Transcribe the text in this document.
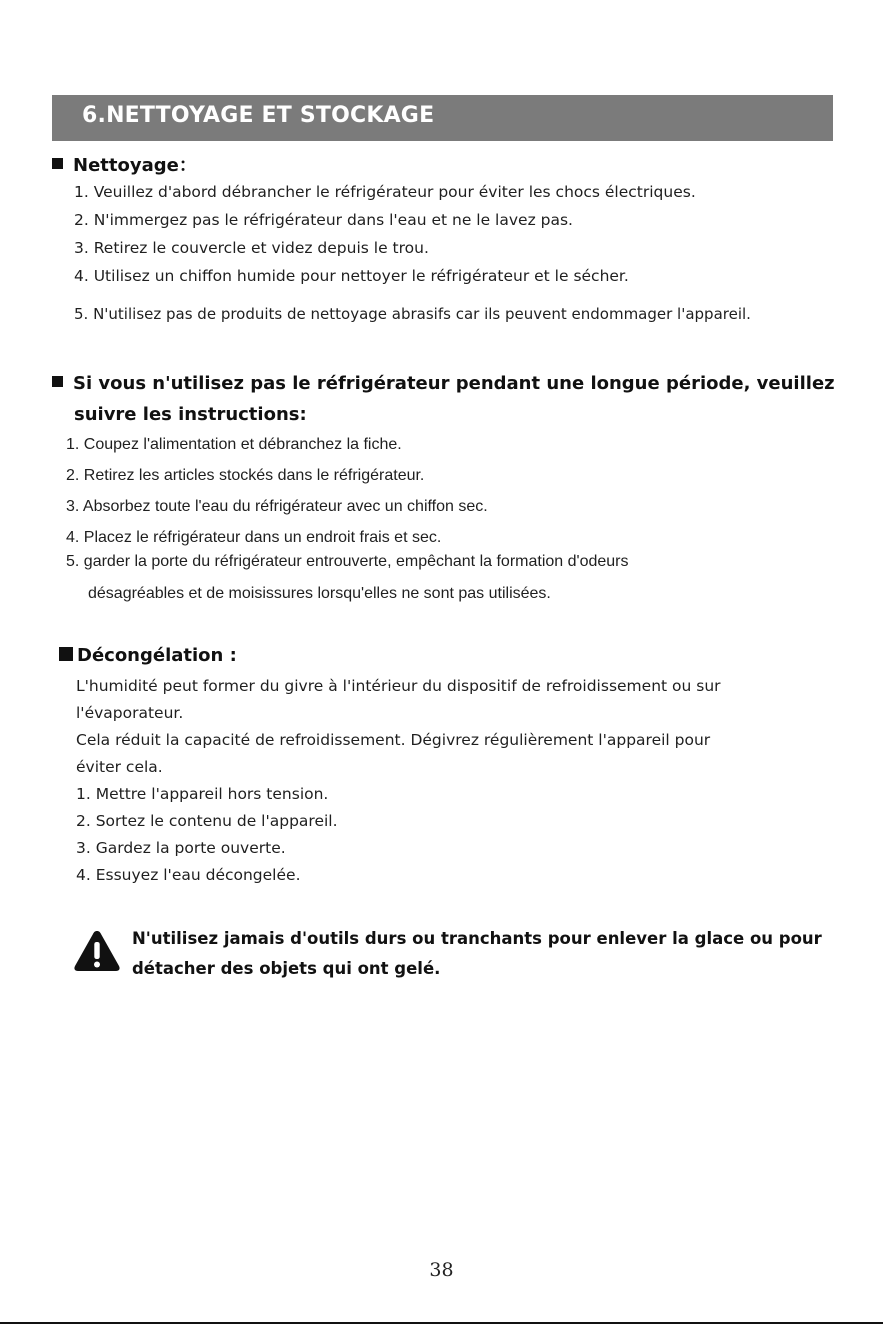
6.NETTOYAGE ET STOCKAGE
Nettoyage：
1. Veuillez d'abord débrancher le réfrigérateur pour éviter les chocs électriques.
2. N'immergez pas le réfrigérateur dans l'eau et ne le lavez pas.
3. Retirez le couvercle et videz depuis le trou.
4. Utilisez un chiffon humide pour nettoyer le réfrigérateur et le sécher.
5. N'utilisez pas de produits de nettoyage abrasifs car ils peuvent endommager l'appareil.
Si vous n'utilisez pas le réfrigérateur pendant une longue période, veuillez
suivre les instructions:
1. Coupez l'alimentation et débranchez la fiche.
2. Retirez les articles stockés dans le réfrigérateur.
3. Absorbez toute l'eau du réfrigérateur avec un chiffon sec.
4. Placez le réfrigérateur dans un endroit frais et sec.
5. garder la porte du réfrigérateur entrouverte, empêchant la formation d'odeurs
désagréables et de moisissures lorsqu'elles ne sont pas utilisées.
Décongélation :
L'humidité peut former du givre à l'intérieur du dispositif de refroidissement ou sur
l'évaporateur.
Cela réduit la capacité de refroidissement. Dégivrez régulièrement l'appareil pour
éviter cela.
1. Mettre l'appareil hors tension.
2. Sortez le contenu de l'appareil.
3. Gardez la porte ouverte.
4. Essuyez l'eau décongelée.
N'utilisez jamais d'outils durs ou tranchants pour enlever la glace ou pour
détacher des objets qui ont gelé.
38
